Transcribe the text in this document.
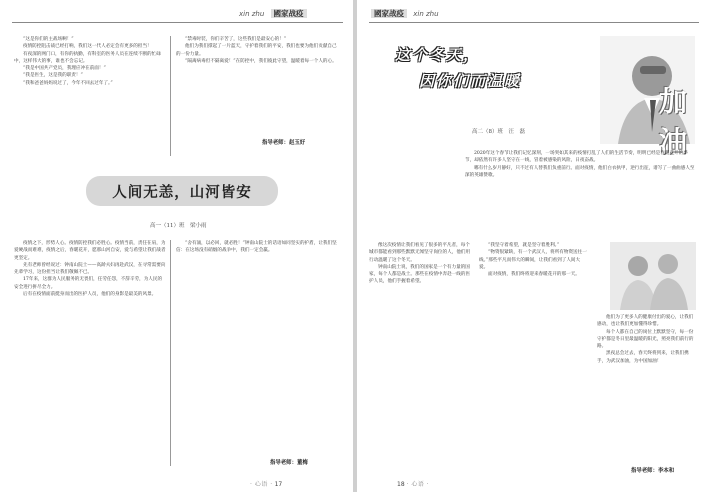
xin zhu 國家战疫

“这是你们的主战场啊！”

疫情防控阻击战已经打响，我们这一代人必定会有更多的担当！

有夜深的网门口，有你的执勤，有科室的医务人员在连续不断的忙碌中，这样伟大的事，谁也不会忘记。

“我是中国共产党员，我理应冲在前面！”

“我是医生，这是我的职责！”

“我和爸爸妈妈说过了，今年不回去过年了。”

“禁毒时装，你们辛苦了，这些我们是最安心的！”

他们为我们撑起了一片蓝天，守护着我们的平安，我们也要为他们贡献自己的一份力量。

“隔离病毒但不隔离爱！”在防控中，我们彼此守望，温暖着每一个人的心。

指导老师：赵玉好
人间无恙，山河皆安
高一（11）班　梁小雨

疫情之下，形势人心。疫情防控我们必胜心。疫情当前，责任在肩，为爱硬战而难难，疫情之后，春暖花开，愿那山河自安，爱与希望让我们战者更坚定。

先有老师曾经说过：钟南山院士——高龄夫妇再赴武汉，在寻常需要向先辈学习，这份担当让我们敬佩不已。

17年来，这群为人民服务的无畏们，任劳任怨，不辞辛劳，为人民的安全进行拼尽全力。

后有在疫情面前挺身而出的医护人员，他们的身影是最美的风景。

“舍有涌，以必回，就必胜！”钟南山院士的话语如同坚实的护盾，让我们坚信：在这场没有硝烟的战争中，我们一定会赢。

指导老师：董梅
· 心语 · 17
國家战疫 xin zhu
加油
这个冬天，
因你们而温暖
高二（8）班　汪　磊

2020年这个春节让我们记忆深刻，一场突如其来的疫情打乱了人们的生活节奏，明明已经是春暖花开的季节，却依然有许多人坚守在一线，冒着被感染的风险，日夜奋战。

哪有什么岁月静好，只不过有人替我们负重前行。面对疫情，他们白衣执甲，逆行出征，谱写了一曲曲感人至深的英雄赞歌。

像这次疫情让我们看见了很多的平凡者，每个城市都能看到那些默默无闻坚守岗位的人，他们用行动温暖了这个冬天。

钟南山院士说，我们的国家是一个有力量的国家，每个人都是战士。那些在疫情中奔赴一线的医护人员，他们手握着希望。

“我坚守着希望，就是坚守着胜利。”

“物资很紧缺，有一个武汉人，将所有物资送往一线。”那些平凡而伟大的瞬间，让我们看到了人间大爱。

面对疫情，我们终将迎来春暖花开的那一天。

他们为了更多人的健康付出的爱心，让我们感动，也让我们更加懂得珍惜。

每个人都在自己的岗位上默默坚守，每一份守护都是冬日里最温暖的阳光，照亮我们前行的路。

黑夜总会过去，春天终将到来，让我们携手，为武汉加油，为中国加油！

指导老师：李本和
18 · 心语 ·
